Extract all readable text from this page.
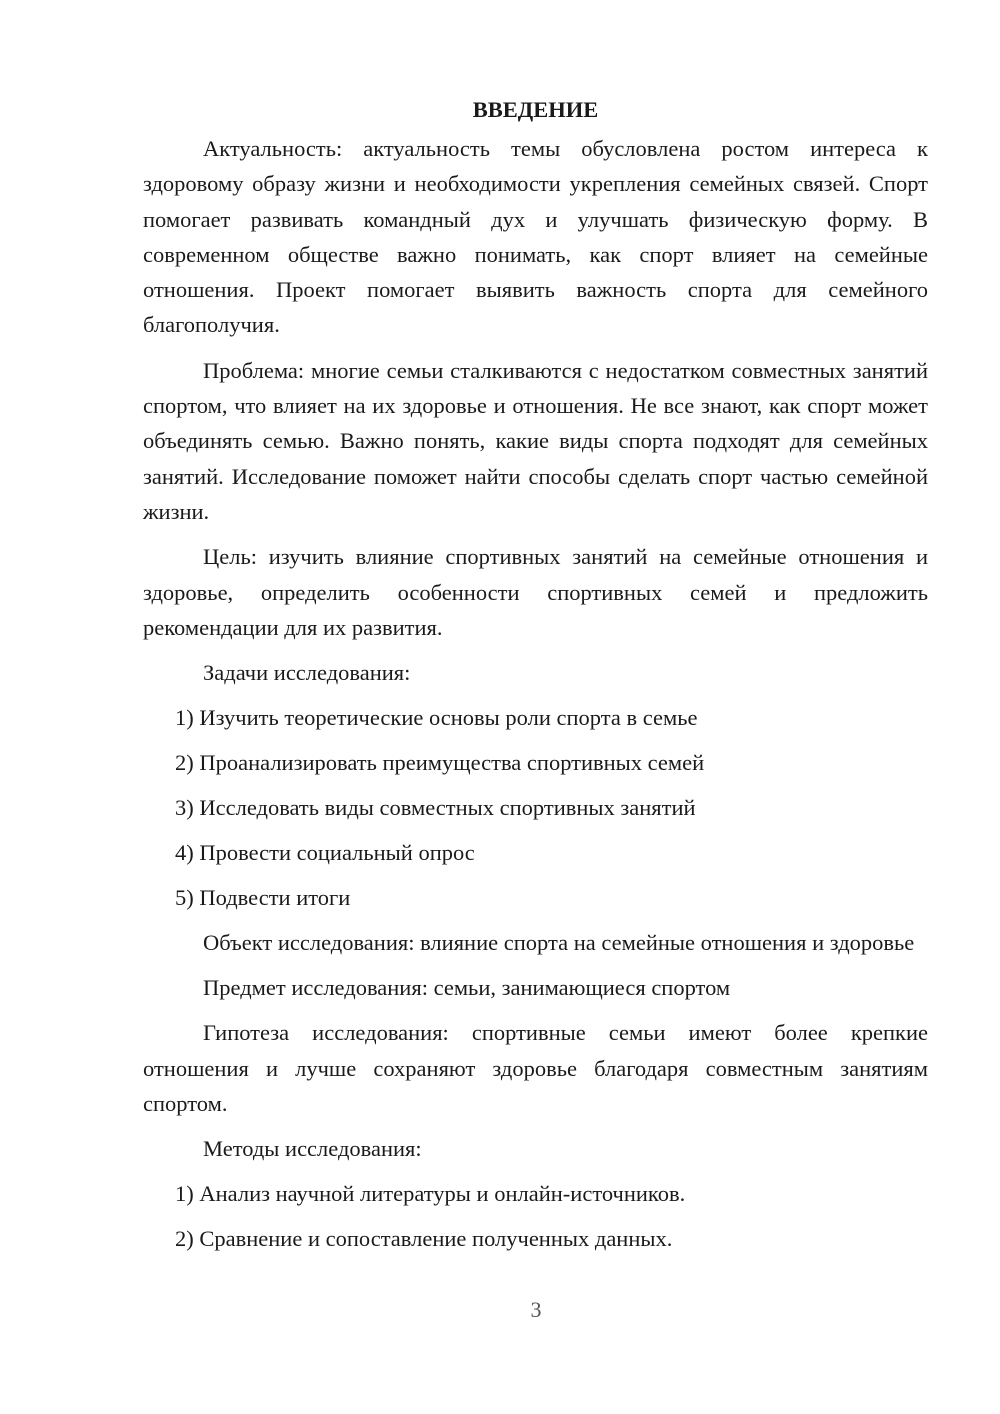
ВВЕДЕНИЕ

Актуальность: актуальность темы обусловлена ростом интереса к здоровому образу жизни и необходимости укрепления семейных связей. Спорт помогает развивать командный дух и улучшать физическую форму. В современном обществе важно понимать, как спорт влияет на семейные отношения. Проект помогает выявить важность спорта для семейного благополучия.

Проблема: многие семьи сталкиваются с недостатком совместных занятий спортом, что влияет на их здоровье и отношения. Не все знают, как спорт может объединять семью. Важно понять, какие виды спорта подходят для семейных занятий. Исследование поможет найти способы сделать спорт частью семейной жизни.

Цель: изучить влияние спортивных занятий на семейные отношения и здоровье, определить особенности спортивных семей и предложить рекомендации для их развития.

Задачи исследования:

1) Изучить теоретические основы роли спорта в семье

2) Проанализировать преимущества спортивных семей

3) Исследовать виды совместных спортивных занятий

4) Провести социальный опрос

5) Подвести итоги

Объект исследования: влияние спорта на семейные отношения и здоровье

Предмет исследования: семьи, занимающиеся спортом

Гипотеза исследования: спортивные семьи имеют более крепкие отношения и лучше сохраняют здоровье благодаря совместным занятиям спортом.

Методы исследования:

1) Анализ научной литературы и онлайн-источников.

2) Сравнение и сопоставление полученных данных.

3
